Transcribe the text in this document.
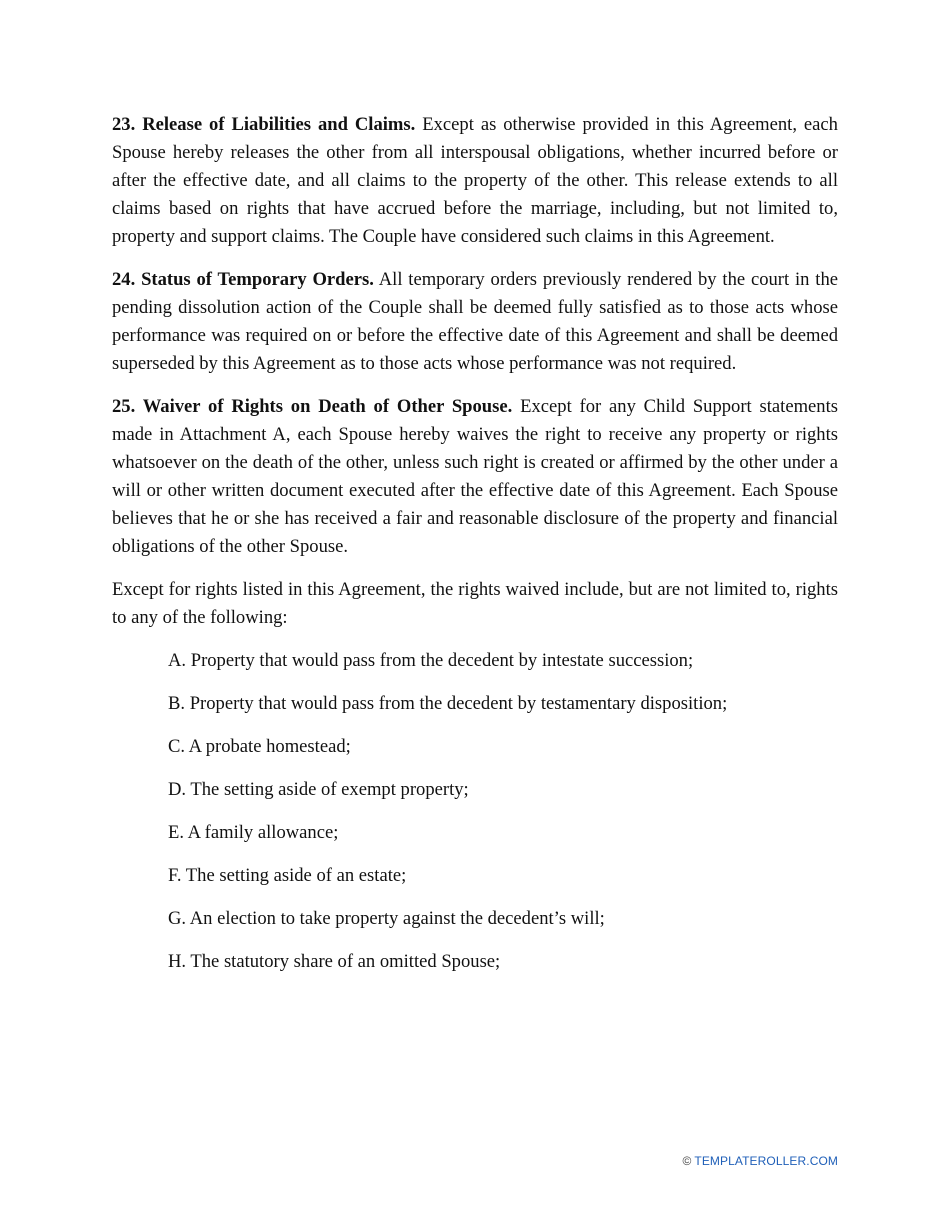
23. Release of Liabilities and Claims. Except as otherwise provided in this Agreement, each Spouse hereby releases the other from all interspousal obligations, whether incurred before or after the effective date, and all claims to the property of the other. This release extends to all claims based on rights that have accrued before the marriage, including, but not limited to, property and support claims. The Couple have considered such claims in this Agreement.

24. Status of Temporary Orders. All temporary orders previously rendered by the court in the pending dissolution action of the Couple shall be deemed fully satisfied as to those acts whose performance was required on or before the effective date of this Agreement and shall be deemed superseded by this Agreement as to those acts whose performance was not required.

25. Waiver of Rights on Death of Other Spouse. Except for any Child Support statements made in Attachment A, each Spouse hereby waives the right to receive any property or rights whatsoever on the death of the other, unless such right is created or affirmed by the other under a will or other written document executed after the effective date of this Agreement. Each Spouse believes that he or she has received a fair and reasonable disclosure of the property and financial obligations of the other Spouse.

Except for rights listed in this Agreement, the rights waived include, but are not limited to, rights to any of the following:

A. Property that would pass from the decedent by intestate succession;
B. Property that would pass from the decedent by testamentary disposition;
C. A probate homestead;
D. The setting aside of exempt property;
E. A family allowance;
F. The setting aside of an estate;
G. An election to take property against the decedent’s will;
H. The statutory share of an omitted Spouse;
© TEMPLATEROLLER.COM
